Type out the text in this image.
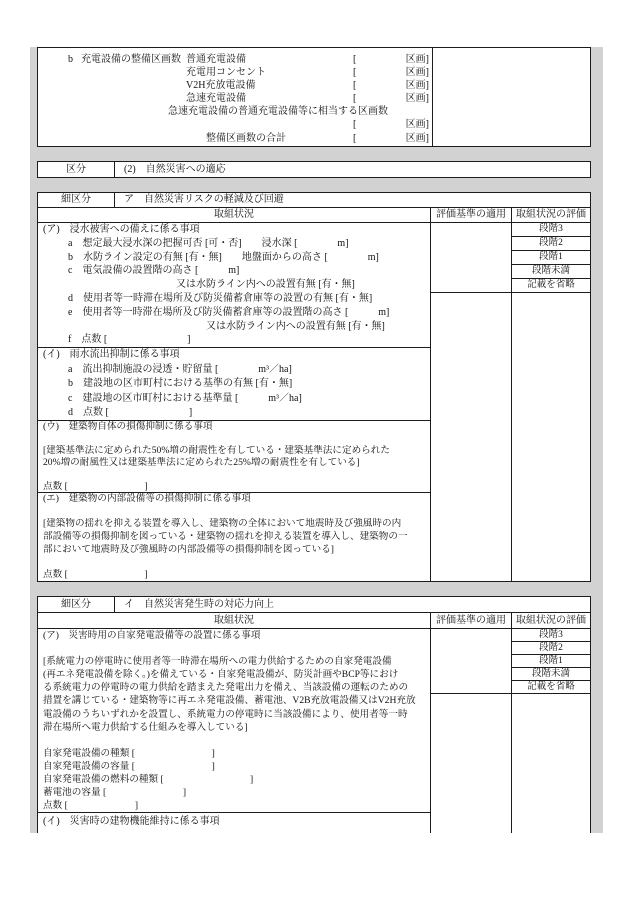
b 充電設備の整備区画数 普通充電設備	[	区画]
充電用コンセント	[	区画]
V2H充放電設備	[	区画]
急速充電設備	[	区画]
急速充電設備の普通充電設備等に相当する区画数
[	区画]
整備区画数の合計	[	区画]
区分	(2)　自然災害への適応
細区分	ア　自然災害リスクの軽減及び回避
取組状況	評価基準の適用	取組状況の評価
(ア)　浸水被害への備えに係る事項
a　想定最大浸水深の把握可否 [可・否]　　浸水深 [　　　　m]
b　水防ライン設定の有無 [有・無]　　地盤面からの高さ [　　　　m]
c　電気設備の設置階の高さ [　　　m]
又は水防ライン内への設置有無 [有・無]
d　使用者等一時滞在場所及び防災備蓄倉庫等の設置の有無 [有・無]
e　使用者等一時滞在場所及び防災備蓄倉庫等の設置階の高さ [　　　m]
又は水防ライン内への設置有無 [有・無]
f　点数 [　　　　　　　　]
(イ)　雨水流出抑制に係る事項
a　流出抑制施設の浸透・貯留量 [　　　　m³／ha]
b　建設地の区市町村における基準の有無 [有・無]
c　建設地の区市町村における基準量 [　　　m³／ha]
d　点数 [　　　　　　　　]
(ウ)　建築物自体の損傷抑制に係る事項
[建築基準法に定められた50%増の耐震性を有している・建築基準法に定められた
20%増の耐風性又は建築基準法に定められた25%増の耐震性を有している]
点数 [　　　　　　　　]
(エ)　建築物の内部設備等の損傷抑制に係る事項
[建築物の揺れを抑える装置を導入し、建築物の全体において地震時及び強風時の内
部設備等の損傷抑制を図っている・建築物の揺れを抑える装置を導入し、建築物の一
部において地震時及び強風時の内部設備等の損傷抑制を図っている]
点数 [　　　　　　　　]
段階3
段階2
段階1
段階未満
記載を省略
細区分	イ　自然災害発生時の対応力向上
取組状況	評価基準の適用	取組状況の評価
(ア)　災害時用の自家発電設備等の設置に係る事項
[系統電力の停電時に使用者等一時滞在場所への電力供給するための自家発電設備
(再エネ発電設備を除く。)を備えている・自家発電設備が、防災計画やBCP等におけ
る系統電力の停電時の電力供給を踏まえた発電出力を備え、当該設備の運転のための
措置を講じている・建築物等に再エネ発電設備、蓄電池、V2B充放電設備又はV2H充放
電設備のうちいずれかを設置し、系統電力の停電時に当該設備により、使用者等一時
滞在場所へ電力供給する仕組みを導入している]
自家発電設備の種類 [　　　　　　　　]
自家発電設備の容量 [　　　　　　　　]
自家発電設備の燃料の種類 [　　　　　　　　　]
蓄電池の容量 [　　　　　　　　]
点数 [　　　　　　　]
(イ)　災害時の建物機能維持に係る事項
段階3
段階2
段階1
段階未満
記載を省略
